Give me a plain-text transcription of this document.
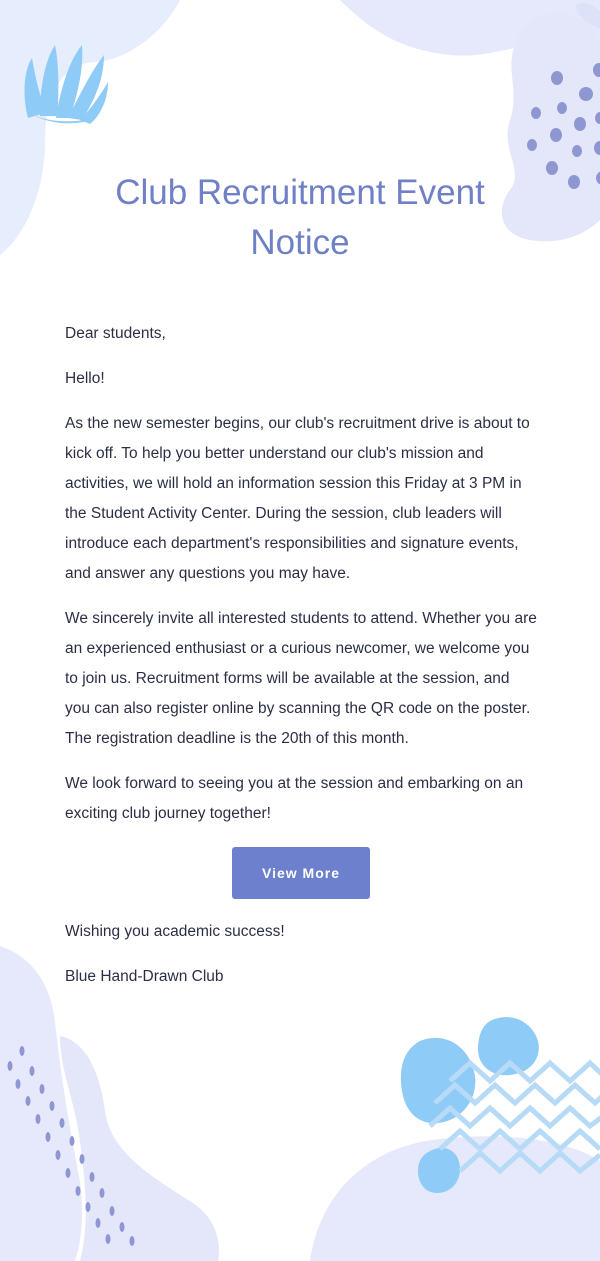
Club Recruitment Event
Notice

Dear students,

Hello!

As the new semester begins, our club's recruitment drive is about to kick off. To help you better understand our club's mission and activities, we will hold an information session this Friday at 3 PM in the Student Activity Center. During the session, club leaders will introduce each department's responsibilities and signature events, and answer any questions you may have.

We sincerely invite all interested students to attend. Whether you are an experienced enthusiast or a curious newcomer, we welcome you to join us. Recruitment forms will be available at the session, and you can also register online by scanning the QR code on the poster. The registration deadline is the 20th of this month.

We look forward to seeing you at the session and embarking on an exciting club journey together!

View More

Wishing you academic success!

Blue Hand-Drawn Club
